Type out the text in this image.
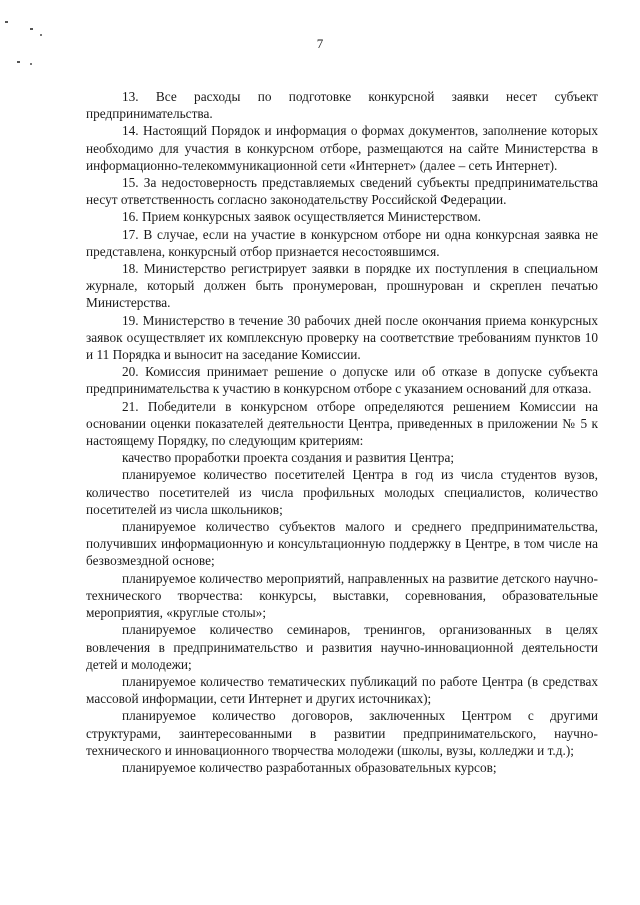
7

13. Все расходы по подготовке конкурсной заявки несет субъект предпринимательства.

14. Настоящий Порядок и информация о формах документов, заполнение которых необходимо для участия в конкурсном отборе, размещаются на сайте Министерства в информационно-телекоммуникационной сети «Интернет» (далее – сеть Интернет).

15. За недостоверность представляемых сведений субъекты предпринимательства несут ответственность согласно законодательству Российской Федерации.

16. Прием конкурсных заявок осуществляется Министерством.

17. В случае, если на участие в конкурсном отборе ни одна конкурсная заявка не представлена, конкурсный отбор признается несостоявшимся.

18. Министерство регистрирует заявки в порядке их поступления в специальном журнале, который должен быть пронумерован, прошнурован и скреплен печатью Министерства.

19. Министерство в течение 30 рабочих дней после окончания приема конкурсных заявок осуществляет их комплексную проверку на соответствие требованиям пунктов 10 и 11 Порядка и выносит на заседание Комиссии.

20. Комиссия принимает решение о допуске или об отказе в допуске субъекта предпринимательства к участию в конкурсном отборе с указанием оснований для отказа.

21. Победители в конкурсном отборе определяются решением Комиссии на основании оценки показателей деятельности Центра, приведенных в приложении № 5 к настоящему Порядку, по следующим критериям:

качество проработки проекта создания и развития Центра;

планируемое количество посетителей Центра в год из числа студентов вузов, количество посетителей из числа профильных молодых специалистов, количество посетителей из числа школьников;

планируемое количество субъектов малого и среднего предпринимательства, получивших информационную и консультационную поддержку в Центре, в том числе на безвозмездной основе;

планируемое количество мероприятий, направленных на развитие детского научно-технического творчества: конкурсы, выставки, соревнования, образовательные мероприятия, «круглые столы»;

планируемое количество семинаров, тренингов, организованных в целях вовлечения в предпринимательство и развития научно-инновационной деятельности детей и молодежи;

планируемое количество тематических публикаций по работе Центра (в средствах массовой информации, сети Интернет и других источниках);

планируемое количество договоров, заключенных Центром с другими структурами, заинтересованными в развитии предпринимательского, научно-технического и инновационного творчества молодежи (школы, вузы, колледжи и т.д.);

планируемое количество разработанных образовательных курсов;
